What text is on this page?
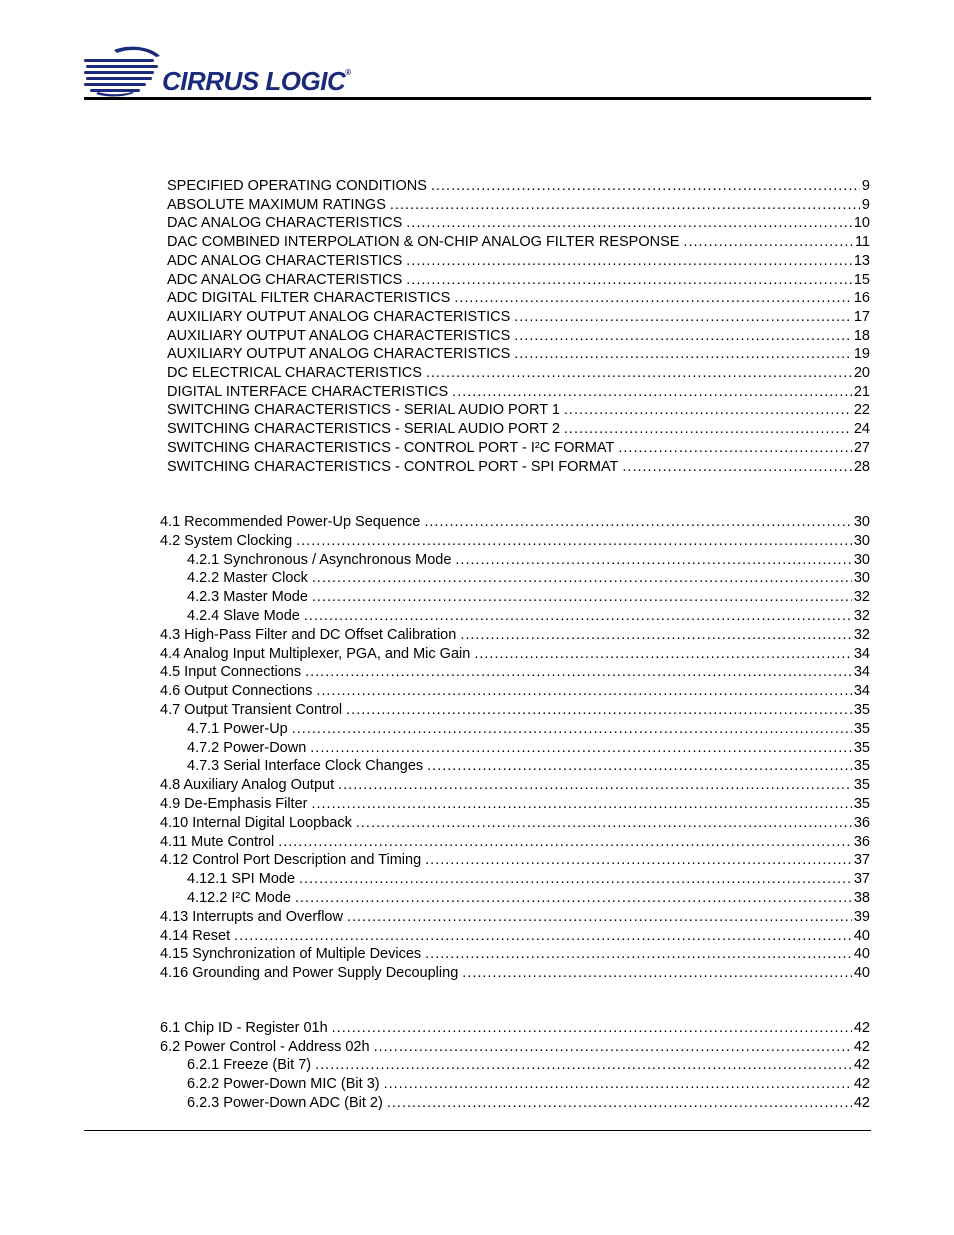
CIRRUS LOGIC®
SPECIFIED OPERATING CONDITIONS .....	9
ABSOLUTE MAXIMUM RATINGS .....	9
DAC ANALOG CHARACTERISTICS .....	10
DAC COMBINED INTERPOLATION & ON-CHIP ANALOG FILTER RESPONSE .....	11
ADC ANALOG CHARACTERISTICS .....	13
ADC ANALOG CHARACTERISTICS .....	15
ADC DIGITAL FILTER CHARACTERISTICS .....	16
AUXILIARY OUTPUT ANALOG CHARACTERISTICS .....	17
AUXILIARY OUTPUT ANALOG CHARACTERISTICS .....	18
AUXILIARY OUTPUT ANALOG CHARACTERISTICS .....	19
DC ELECTRICAL CHARACTERISTICS .....	20
DIGITAL INTERFACE CHARACTERISTICS .....	21
SWITCHING CHARACTERISTICS - SERIAL AUDIO PORT 1 .....	22
SWITCHING CHARACTERISTICS - SERIAL AUDIO PORT 2 .....	24
SWITCHING CHARACTERISTICS - CONTROL PORT - I²C FORMAT .....	27
SWITCHING CHARACTERISTICS - CONTROL PORT - SPI FORMAT .....	28
4.1 Recommended Power-Up Sequence .....	30
4.2 System Clocking .....	30
4.2.1 Synchronous / Asynchronous Mode .....	30
4.2.2 Master Clock .....	30
4.2.3 Master Mode .....	32
4.2.4 Slave Mode .....	32
4.3 High-Pass Filter and DC Offset Calibration .....	32
4.4 Analog Input Multiplexer, PGA, and Mic Gain .....	34
4.5 Input Connections .....	34
4.6 Output Connections .....	34
4.7 Output Transient Control .....	35
4.7.1 Power-Up .....	35
4.7.2 Power-Down .....	35
4.7.3 Serial Interface Clock Changes .....	35
4.8 Auxiliary Analog Output .....	35
4.9 De-Emphasis Filter .....	35
4.10 Internal Digital Loopback .....	36
4.11 Mute Control .....	36
4.12 Control Port Description and Timing .....	37
4.12.1 SPI Mode .....	37
4.12.2 I²C Mode .....	38
4.13 Interrupts and Overflow .....	39
4.14 Reset .....	40
4.15 Synchronization of Multiple Devices .....	40
4.16 Grounding and Power Supply Decoupling .....	40
6.1 Chip ID - Register 01h .....	42
6.2 Power Control - Address 02h .....	42
6.2.1 Freeze (Bit 7) .....	42
6.2.2 Power-Down MIC (Bit 3) .....	42
6.2.3 Power-Down ADC (Bit 2) .....	42
